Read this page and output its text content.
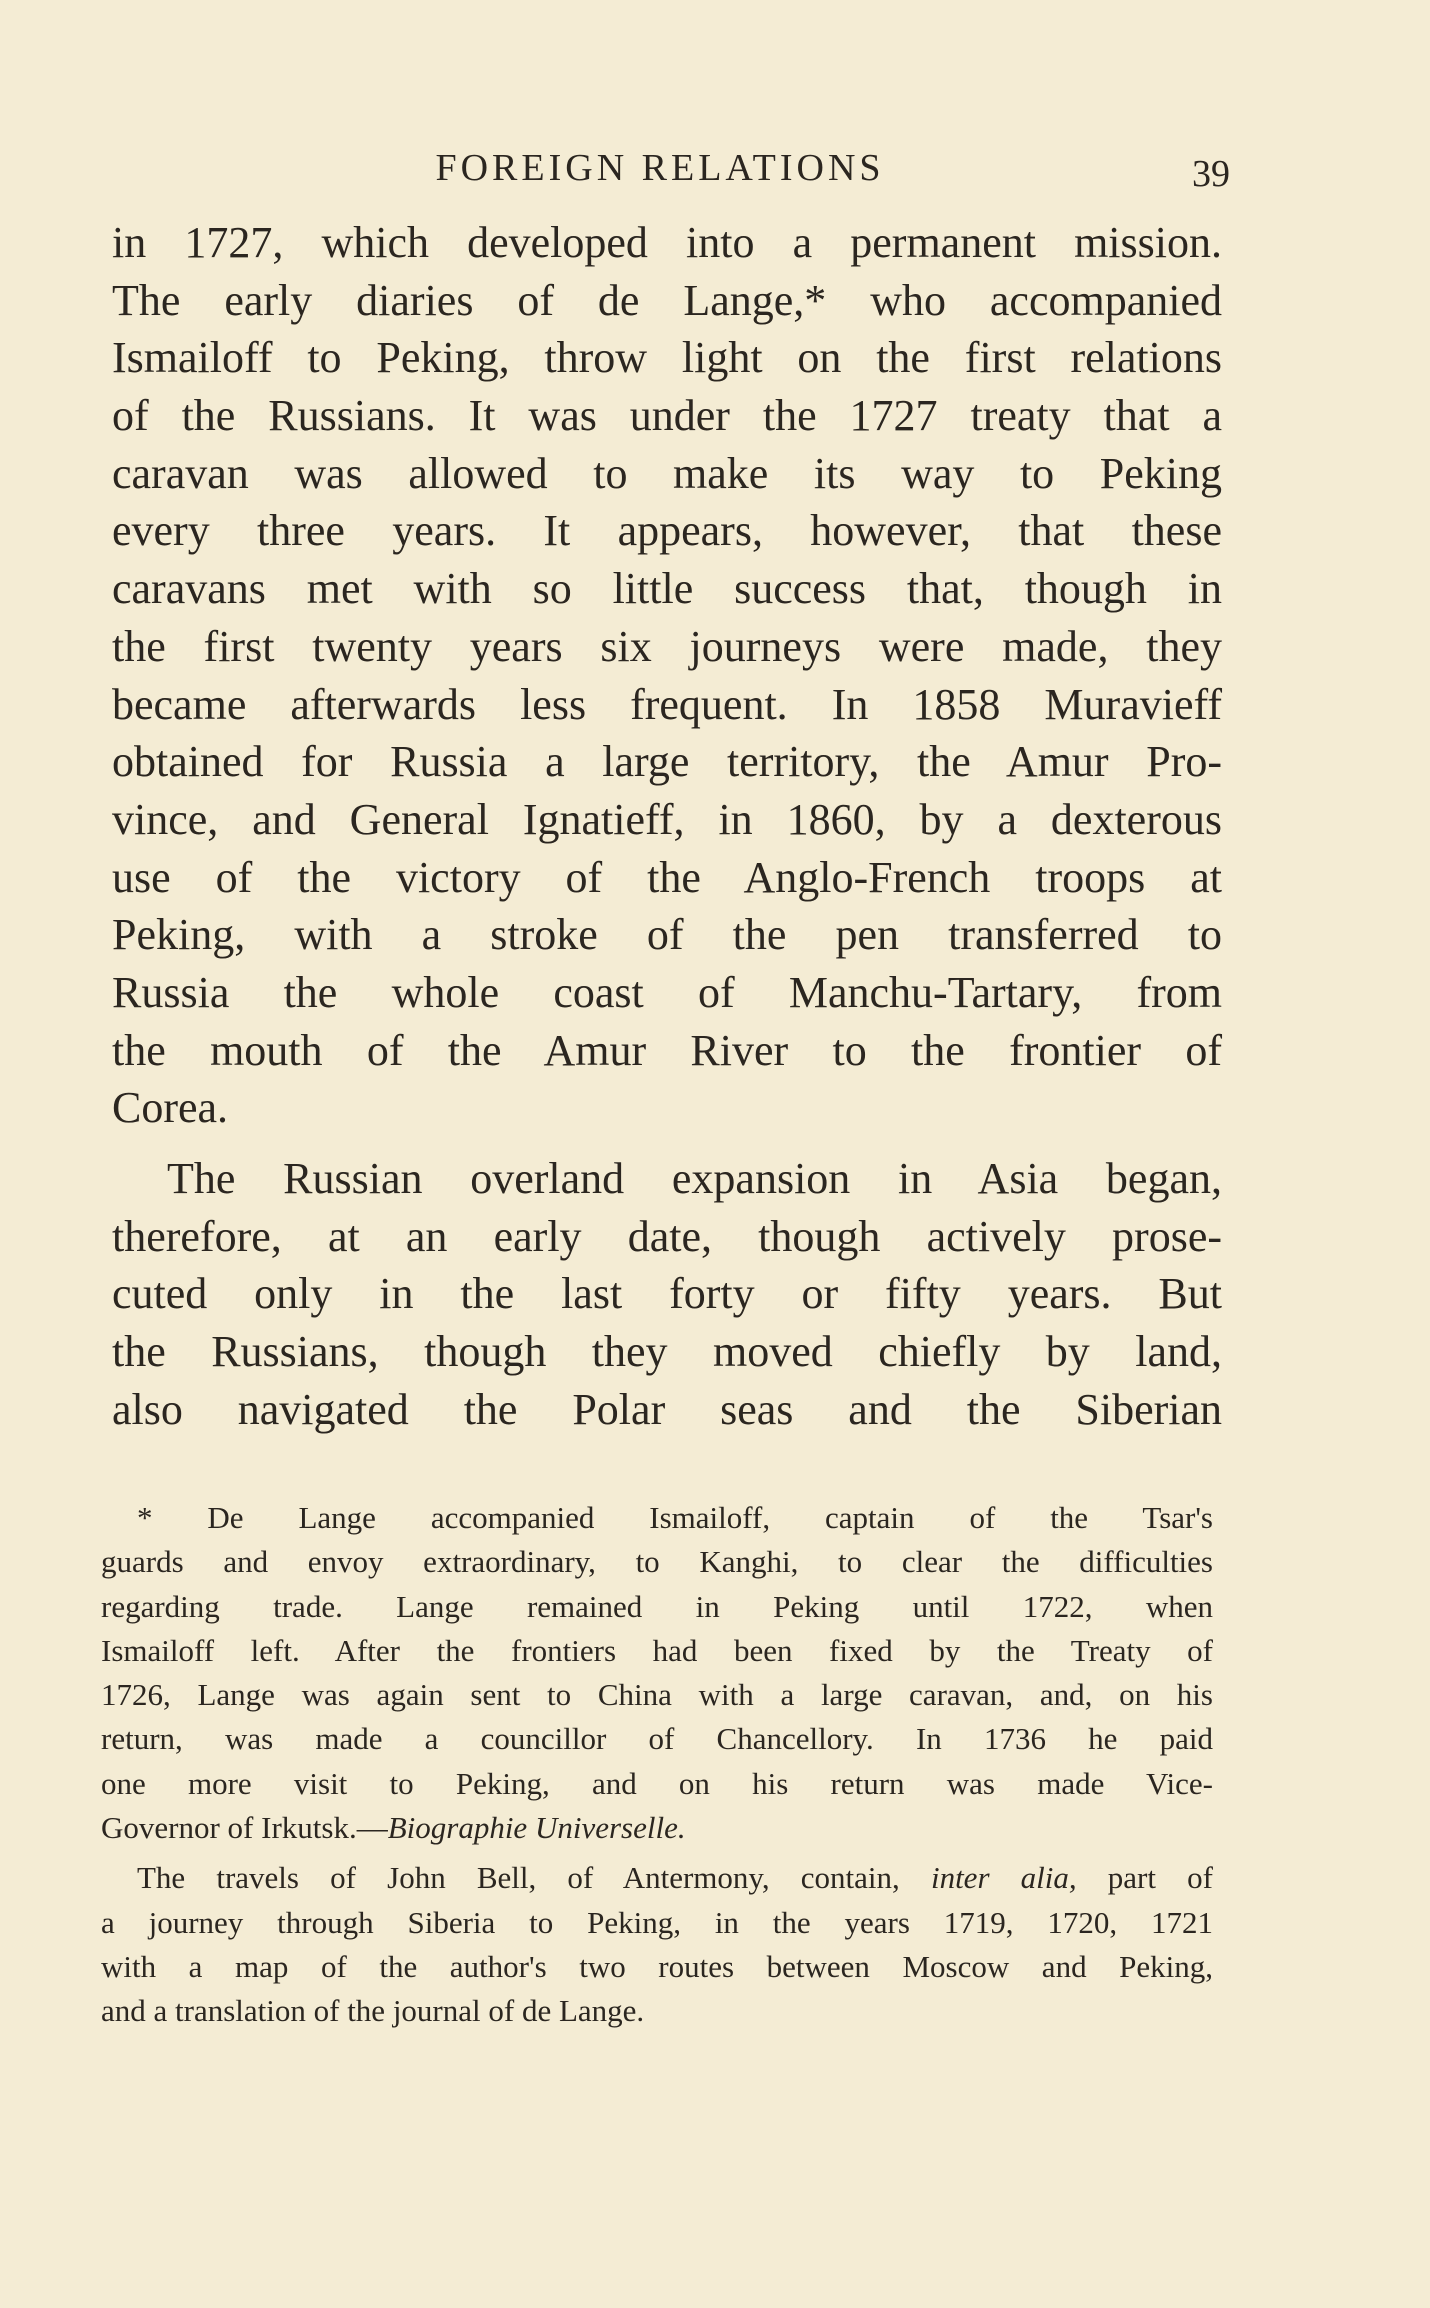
FOREIGN RELATIONS	39
in 1727, which developed into a permanent mission.
The early diaries of de Lange,* who accompanied
Ismailoff to Peking, throw light on the first relations
of the Russians. It was under the 1727 treaty that a
caravan was allowed to make its way to Peking
every three years. It appears, however, that these
caravans met with so little success that, though in
the first twenty years six journeys were made, they
became afterwards less frequent. In 1858 Muravieff
obtained for Russia a large territory, the Amur Pro-
vince, and General Ignatieff, in 1860, by a dexterous
use of the victory of the Anglo-French troops at
Peking, with a stroke of the pen transferred to
Russia the whole coast of Manchu-Tartary, from
the mouth of the Amur River to the frontier of
Corea.
The Russian overland expansion in Asia began,
therefore, at an early date, though actively prose-
cuted only in the last forty or fifty years. But
the Russians, though they moved chiefly by land,
also navigated the Polar seas and the Siberian
* De Lange accompanied Ismailoff, captain of the Tsar's
guards and envoy extraordinary, to Kanghi, to clear the difficulties
regarding trade. Lange remained in Peking until 1722, when
Ismailoff left. After the frontiers had been fixed by the Treaty of
1726, Lange was again sent to China with a large caravan, and, on his
return, was made a councillor of Chancellory. In 1736 he paid
one more visit to Peking, and on his return was made Vice-
Governor of Irkutsk.—Biographie Universelle.
The travels of John Bell, of Antermony, contain, inter alia, part of
a journey through Siberia to Peking, in the years 1719, 1720, 1721
with a map of the author's two routes between Moscow and Peking,
and a translation of the journal of de Lange.
